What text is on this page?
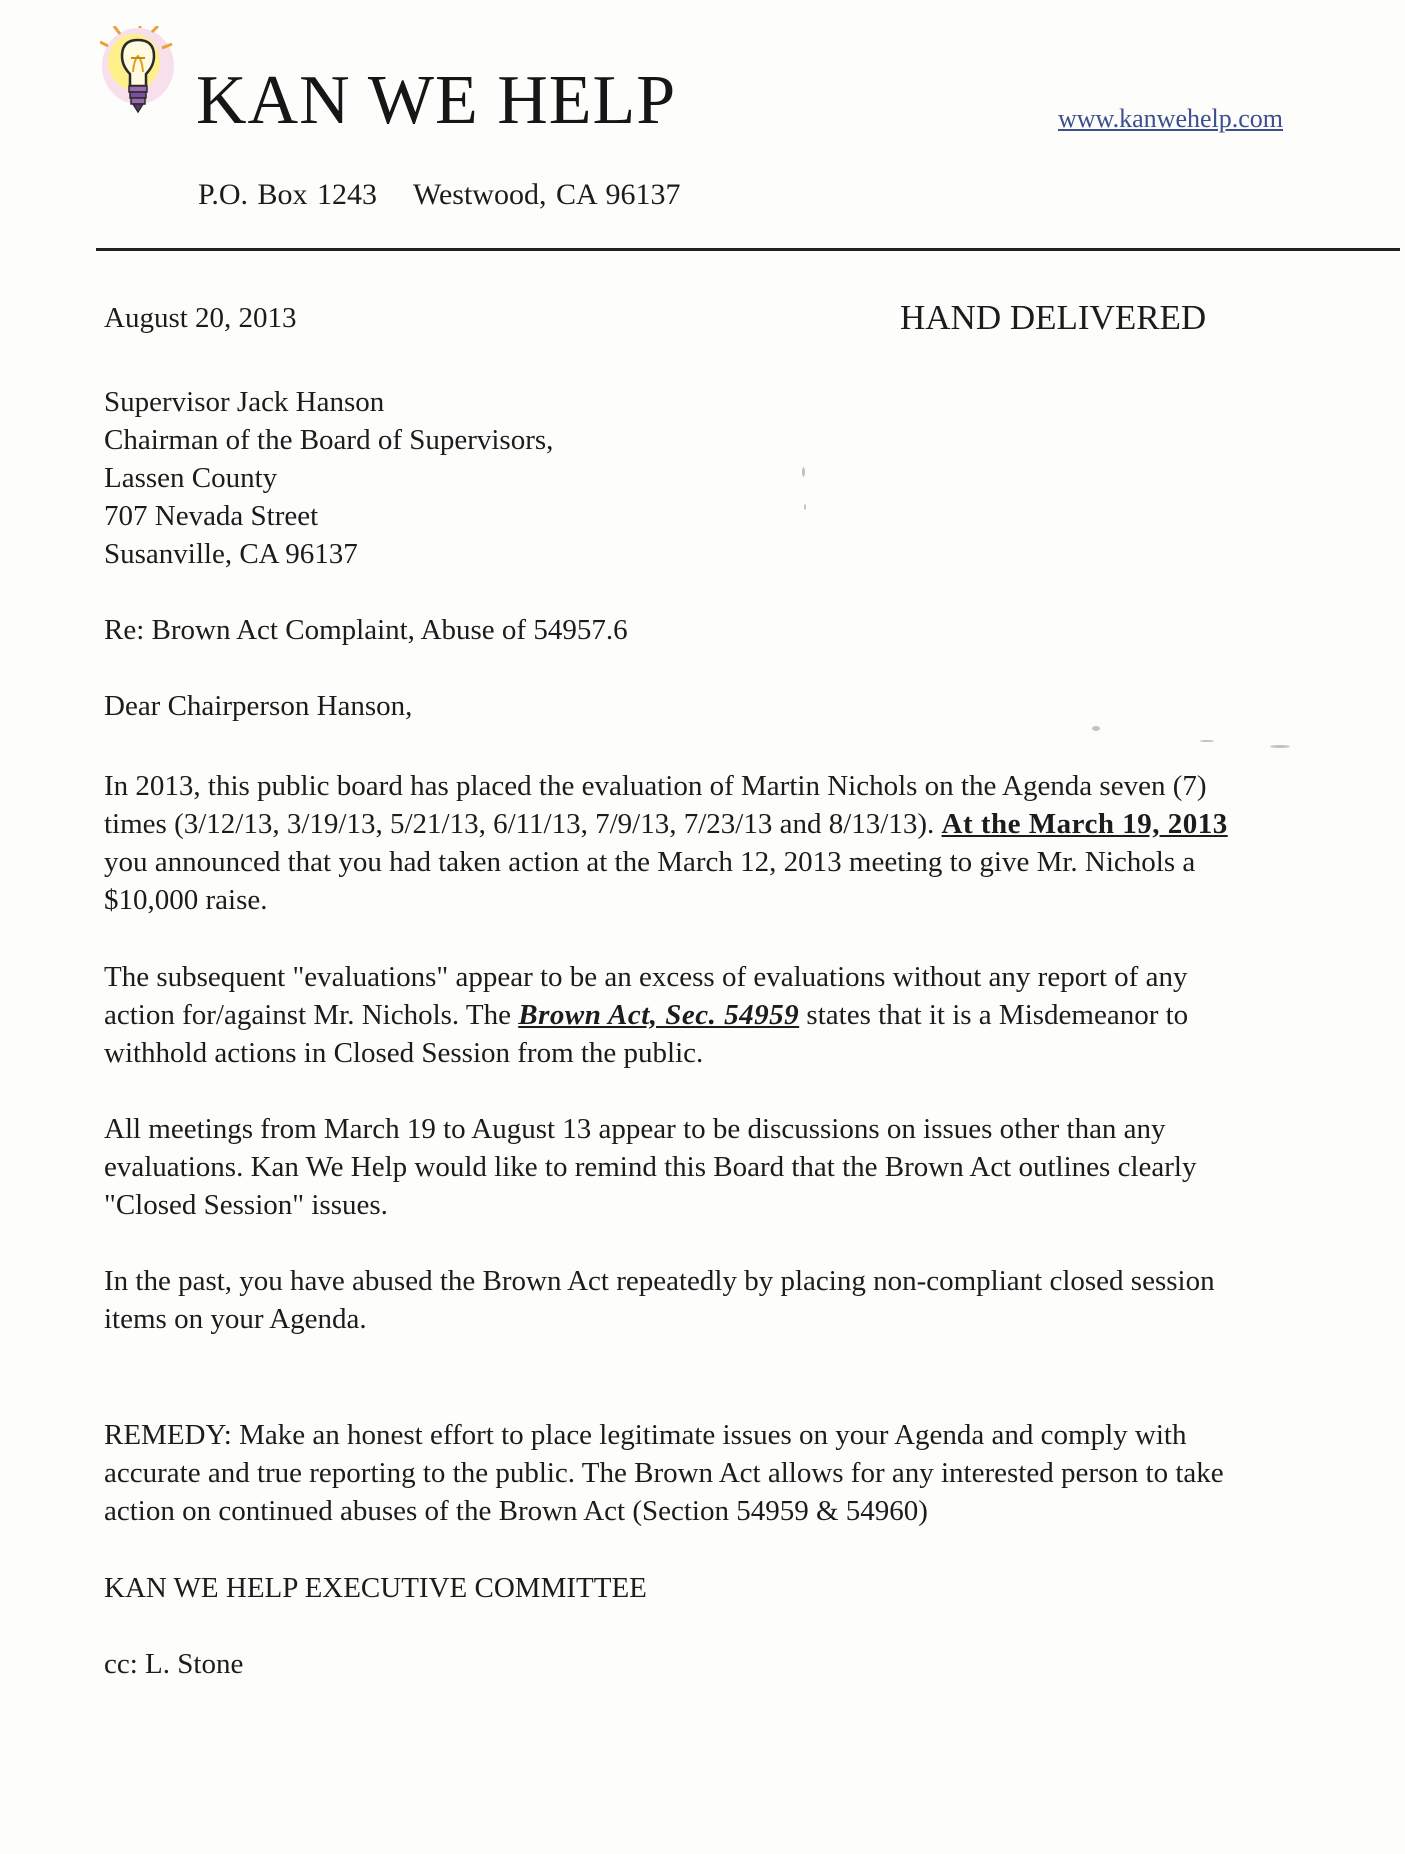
KAN WE HELP	www.kanwehelp.com
P.O. Box 1243 Westwood, CA 96137
August 20, 2013	HAND DELIVERED
Supervisor Jack Hanson
Chairman of the Board of Supervisors,
Lassen County
707 Nevada Street
Susanville, CA 96137
Re: Brown Act Complaint, Abuse of 54957.6
Dear Chairperson Hanson,
In 2013, this public board has placed the evaluation of Martin Nichols on the Agenda seven (7)
times (3/12/13, 3/19/13, 5/21/13, 6/11/13, 7/9/13, 7/23/13 and 8/13/13). At the March 19, 2013
you announced that you had taken action at the March 12, 2013 meeting to give Mr. Nichols a
$10,000 raise.
The subsequent "evaluations" appear to be an excess of evaluations without any report of any
action for/against Mr. Nichols. The Brown Act, Sec. 54959 states that it is a Misdemeanor to
withhold actions in Closed Session from the public.
All meetings from March 19 to August 13 appear to be discussions on issues other than any
evaluations. Kan We Help would like to remind this Board that the Brown Act outlines clearly
"Closed Session" issues.
In the past, you have abused the Brown Act repeatedly by placing non-compliant closed session
items on your Agenda.
REMEDY: Make an honest effort to place legitimate issues on your Agenda and comply with
accurate and true reporting to the public. The Brown Act allows for any interested person to take
action on continued abuses of the Brown Act (Section 54959 & 54960)
KAN WE HELP EXECUTIVE COMMITTEE
cc: L. Stone
